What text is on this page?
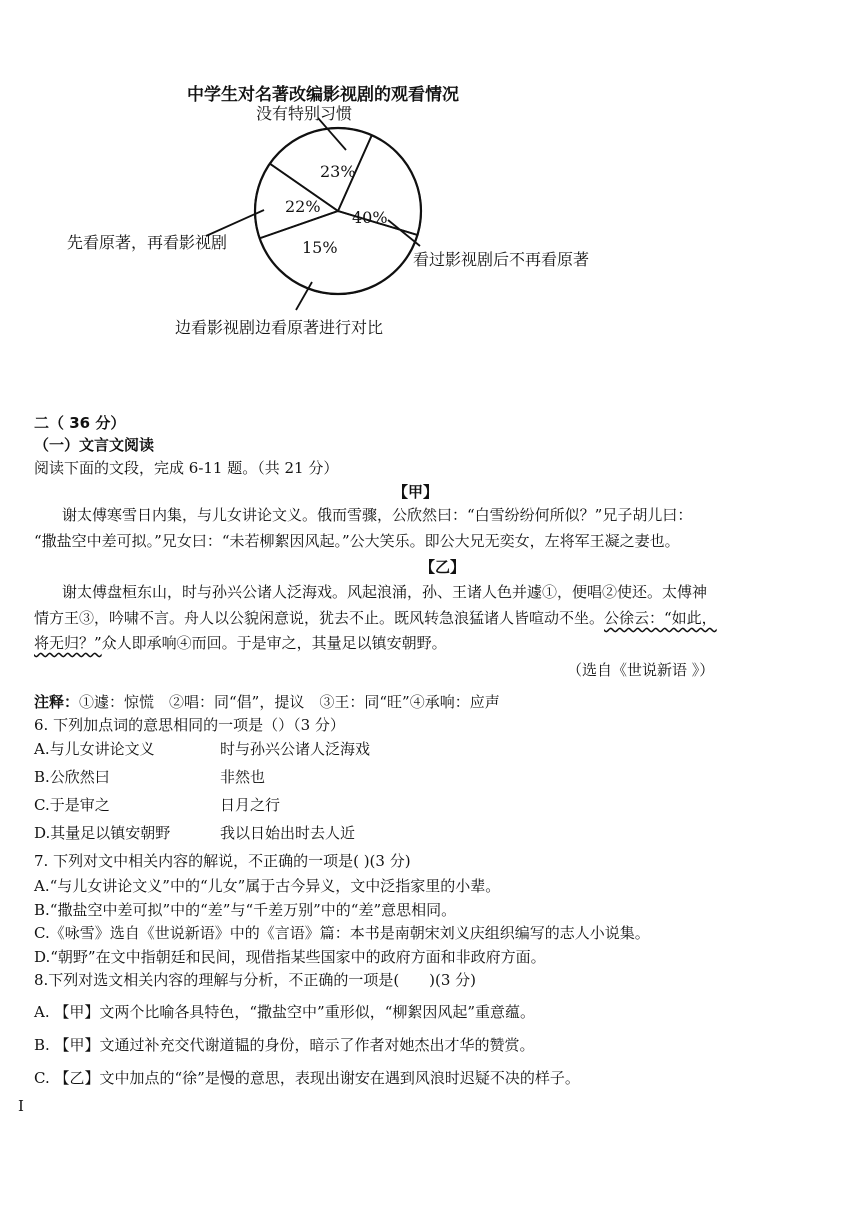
中学生对名著改编影视剧的观看情况
没有特别习惯
看过影视剧后不再看原著
边看影视剧边看原著进行对比
先看原著，再看影视剧
23%
40%
15%
22%
二（ 36 分）
（一）文言文阅读
阅读下面的文段，完成 6-11 题。（共 21 分）
【甲】
谢太傅寒雪日内集，与儿女讲论文义。俄而雪骤，公欣然曰：“白雪纷纷何所似？”兄子胡儿曰：
“撒盐空中差可拟。”兄女曰：“未若柳絮因风起。”公大笑乐。即公大兄无奕女，左将军王凝之妻也。
【乙】
谢太傅盘桓东山，时与孙兴公诸人泛海戏。风起浪涌，孙、王诸人色并遽①，便唱②使还。太傅神
情方王③，吟啸不言。舟人以公貌闲意说，犹去不止。既风转急浪猛诸人皆喧动不坐。公徐云：“如此，
将无归？”众人即承响④而回。于是审之，其量足以镇安朝野。
（选自《世说新语 》）
注释：①遽：惊慌　②唱：同“倡”，提议　③王：同“旺”④承响：应声
6. 下列加点词的意思相同的一项是（）（3 分）
A.与儿女讲论文义	时与孙兴公诸人泛海戏
B.公欣然曰	非然也
C.于是审之	日月之行
D.其量足以镇安朝野	我以日始出时去人近
7. 下列对文中相关内容的解说，不正确的一项是( )(3 分)
A.“与儿女讲论文义”中的“儿女”属于古今异义，文中泛指家里的小辈。
B.“撒盐空中差可拟”中的“差”与“千差万别”中的“差”意思相同。
C.《咏雪》选自《世说新语》中的《言语》篇：本书是南朝宋刘义庆组织编写的志人小说集。
D.“朝野”在文中指朝廷和民间，现借指某些国家中的政府方面和非政府方面。
8.下列对选文相关内容的理解与分析，不正确的一项是(　　)(3 分)
A. 【甲】文两个比喻各具特色，“撒盐空中”重形似，“柳絮因风起”重意蕴。
B. 【甲】文通过补充交代谢道韫的身份，暗示了作者对她杰出才华的赞赏。
C. 【乙】文中加点的“徐”是慢的意思，表现出谢安在遇到风浪时迟疑不决的样子。
I
